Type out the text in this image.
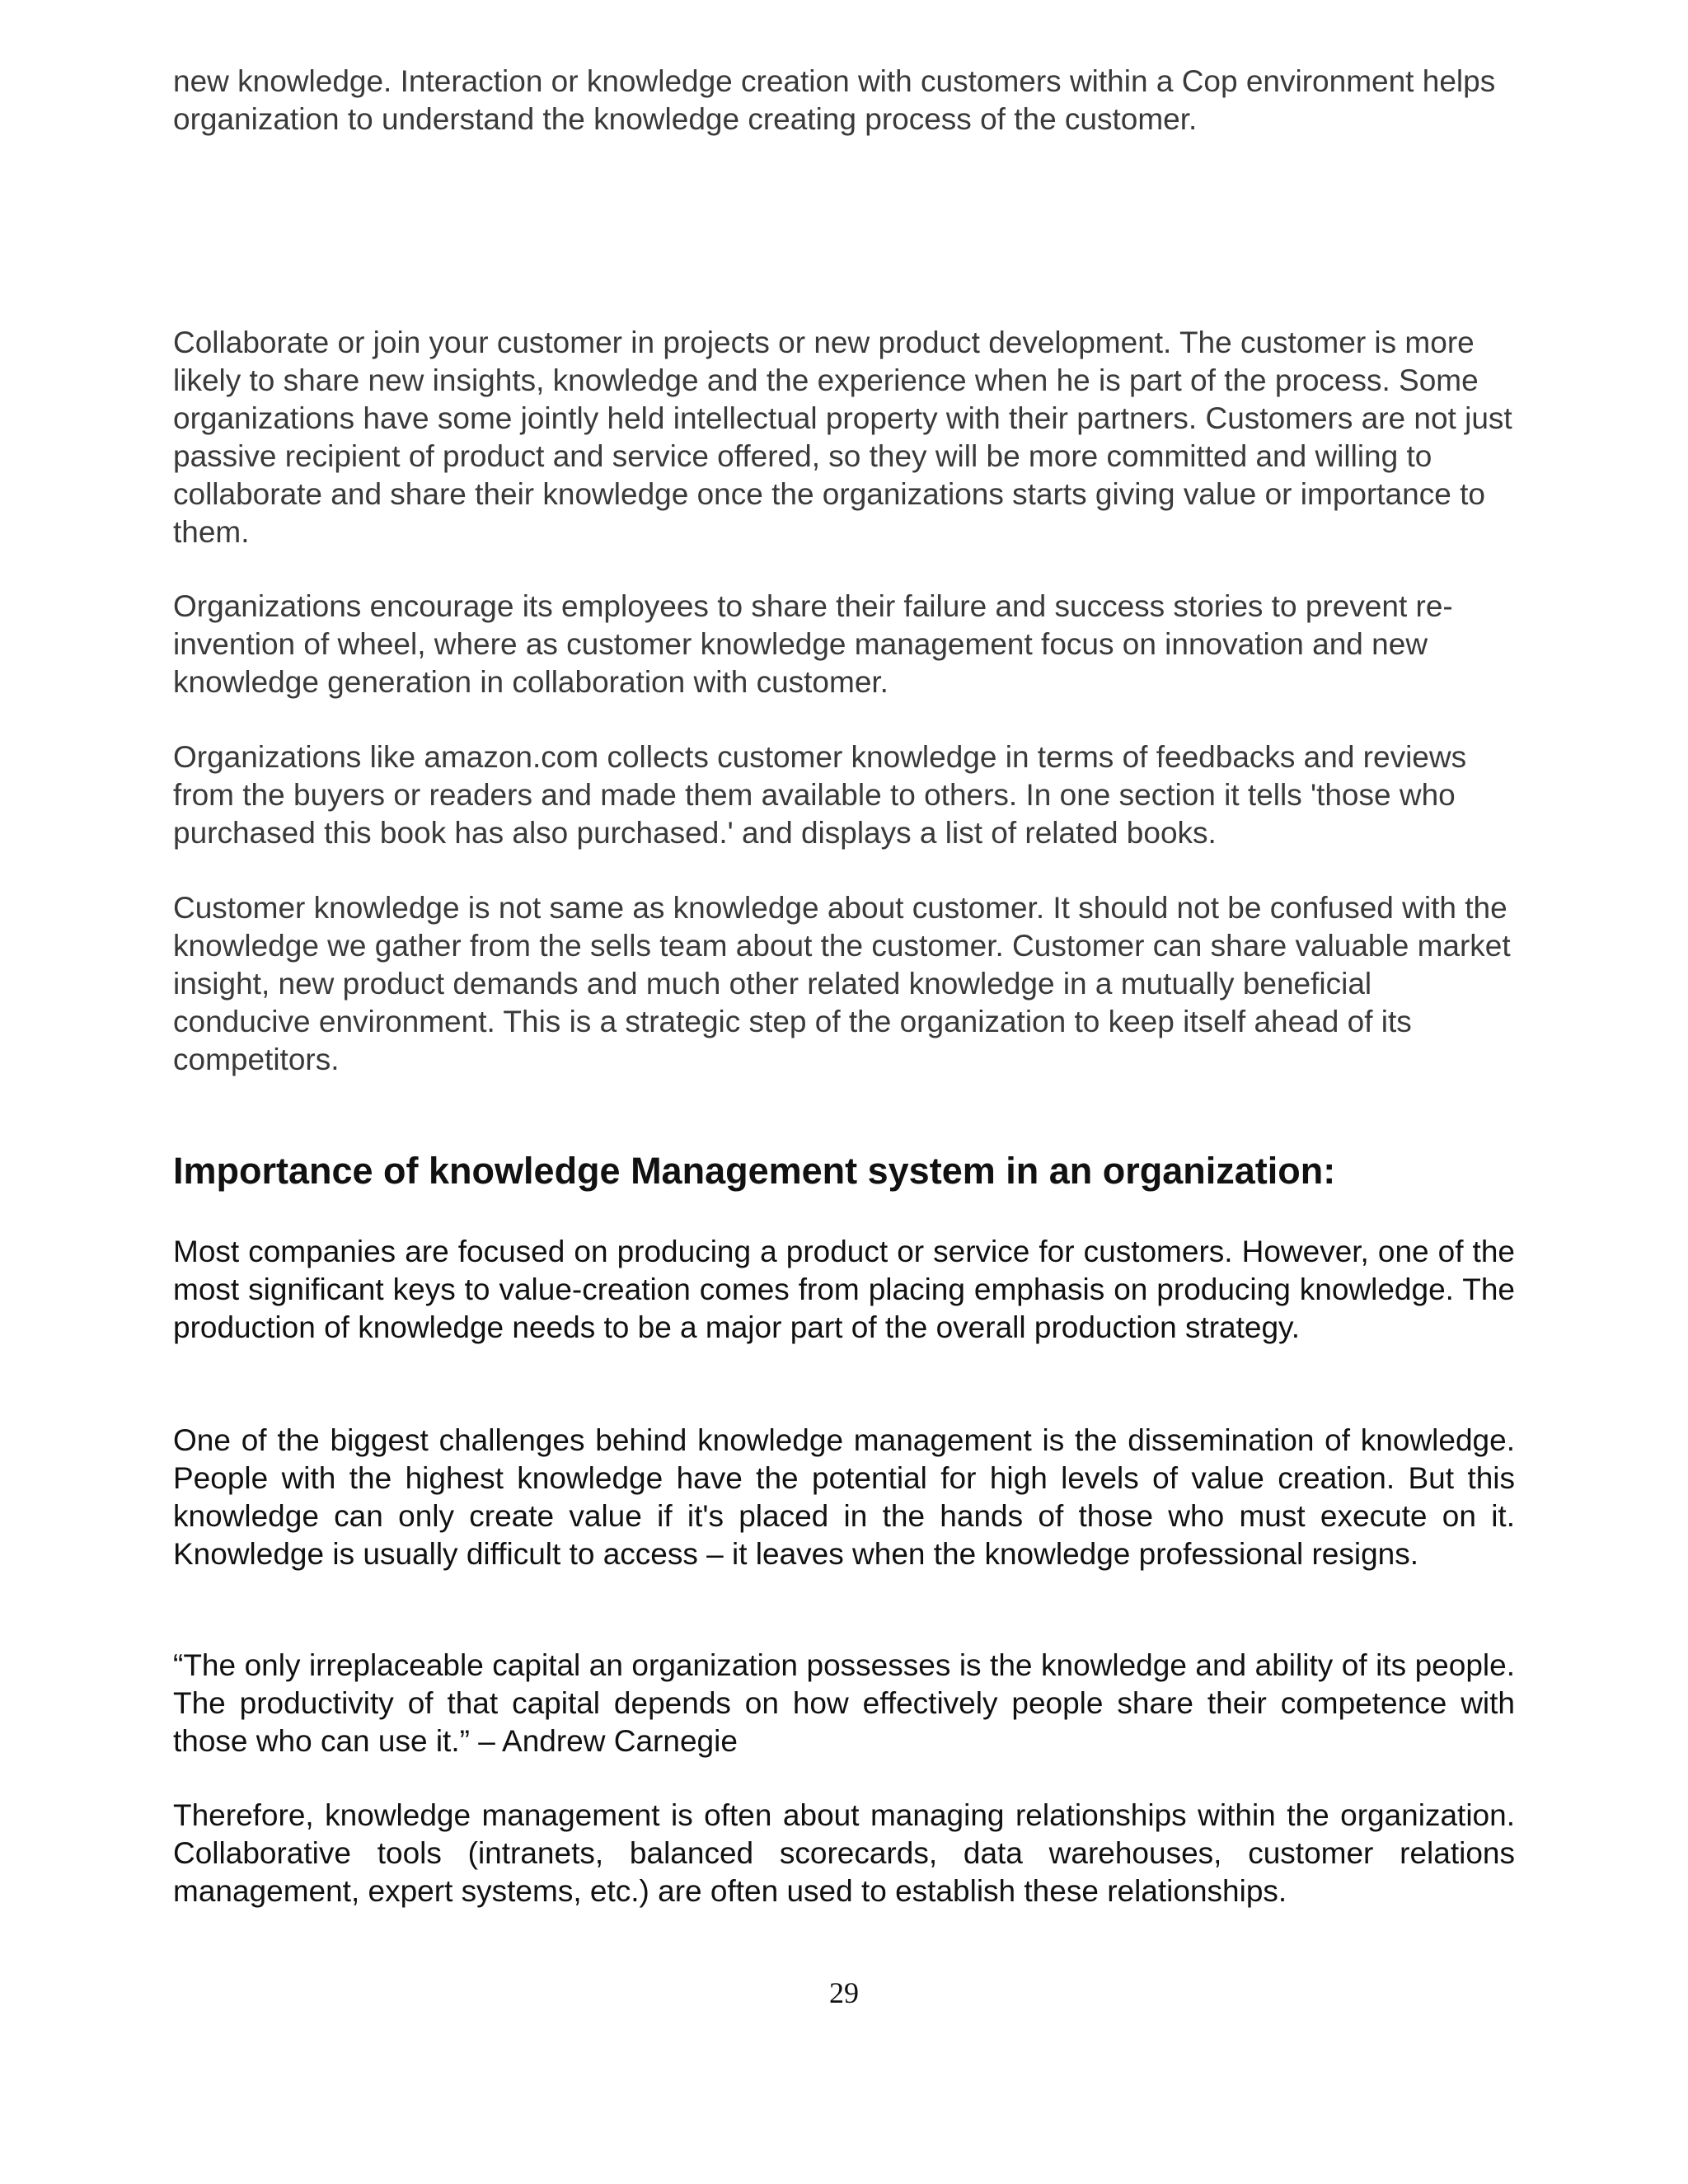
new knowledge. Interaction or knowledge creation with customers within a Cop environment helps organization to understand the knowledge creating process of the customer.

Collaborate or join your customer in projects or new product development. The customer is more likely to share new insights, knowledge and the experience when he is part of the process. Some organizations have some jointly held intellectual property with their partners. Customers are not just passive recipient of product and service offered, so they will be more committed and willing to collaborate and share their knowledge once the organizations starts giving value or importance to them.

Organizations encourage its employees to share their failure and success stories to prevent re-invention of wheel, where as customer knowledge management focus on innovation and new knowledge generation in collaboration with customer.

Organizations like amazon.com collects customer knowledge in terms of feedbacks and reviews from the buyers or readers and made them available to others. In one section it tells 'those who purchased this book has also purchased.' and displays a list of related books.

Customer knowledge is not same as knowledge about customer. It should not be confused with the knowledge we gather from the sells team about the customer. Customer can share valuable market insight, new product demands and much other related knowledge in a mutually beneficial conducive environment. This is a strategic step of the organization to keep itself ahead of its competitors.

Importance of knowledge Management system in an organization:

Most companies are focused on producing a product or service for customers. However, one of the most significant keys to value-creation comes from placing emphasis on producing knowledge. The production of knowledge needs to be a major part of the overall production strategy.

One of the biggest challenges behind knowledge management is the dissemination of knowledge. People with the highest knowledge have the potential for high levels of value creation. But this knowledge can only create value if it's placed in the hands of those who must execute on it. Knowledge is usually difficult to access – it leaves when the knowledge professional resigns.

“The only irreplaceable capital an organization possesses is the knowledge and ability of its people. The productivity of that capital depends on how effectively people share their competence with those who can use it.” – Andrew Carnegie

Therefore, knowledge management is often about managing relationships within the organization. Collaborative tools (intranets, balanced scorecards, data warehouses, customer relations management, expert systems, etc.) are often used to establish these relationships.

29
